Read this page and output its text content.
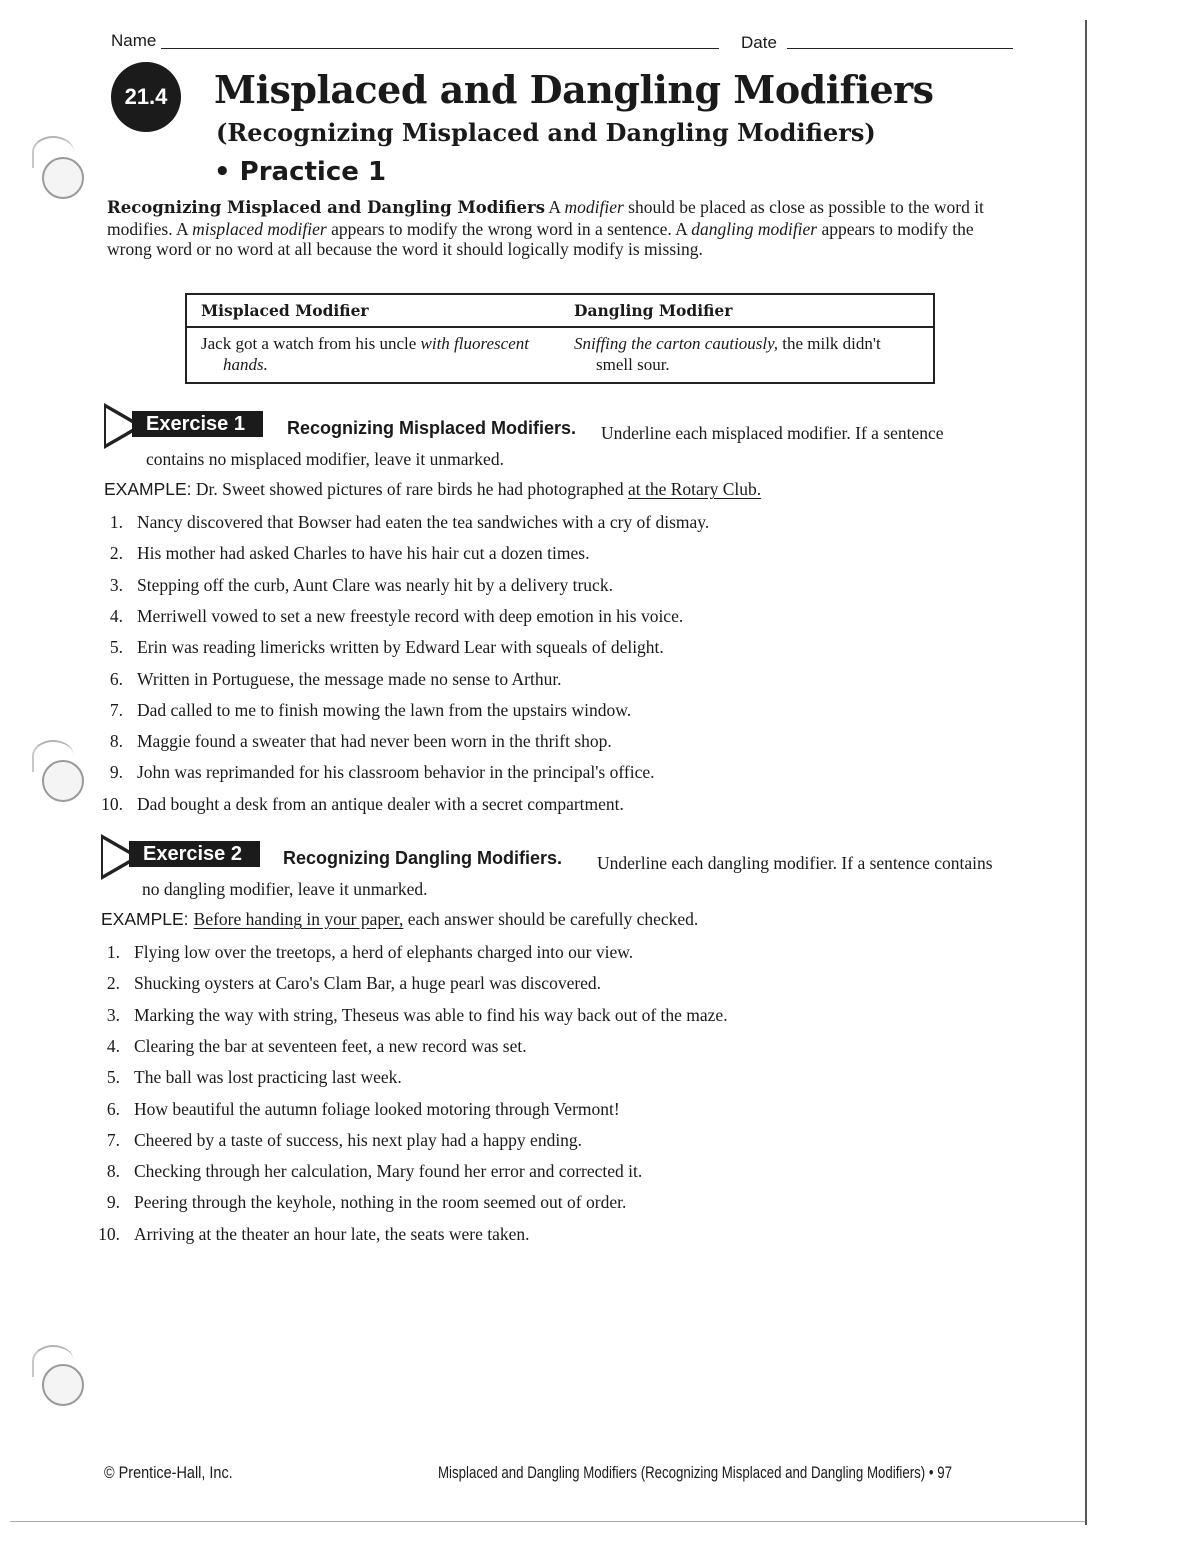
Name	Date
21.4	Misplaced and Dangling Modifiers
(Recognizing Misplaced and Dangling Modifiers)
• Practice 1
Recognizing Misplaced and Dangling Modifiers A modifier should be placed as close as possible to the word it modifies. A misplaced modifier appears to modify the wrong word in a sentence. A dangling modifier appears to modify the wrong word or no word at all because the word it should logically modify is missing.
Misplaced Modifier	Dangling Modifier

Jack got a watch from his uncle with fluorescent hands.	Sniffing the carton cautiously, the milk didn't smell sour.
Exercise 1	Recognizing Misplaced Modifiers.	Underline each misplaced modifier. If a sentence contains no misplaced modifier, leave it unmarked.
EXAMPLE: Dr. Sweet showed pictures of rare birds he had photographed at the Rotary Club.
1. Nancy discovered that Bowser had eaten the tea sandwiches with a cry of dismay.
2. His mother had asked Charles to have his hair cut a dozen times.
3. Stepping off the curb, Aunt Clare was nearly hit by a delivery truck.
4. Merriwell vowed to set a new freestyle record with deep emotion in his voice.
5. Erin was reading limericks written by Edward Lear with squeals of delight.
6. Written in Portuguese, the message made no sense to Arthur.
7. Dad called to me to finish mowing the lawn from the upstairs window.
8. Maggie found a sweater that had never been worn in the thrift shop.
9. John was reprimanded for his classroom behavior in the principal's office.
10. Dad bought a desk from an antique dealer with a secret compartment.
Exercise 2	Recognizing Dangling Modifiers.	Underline each dangling modifier. If a sentence contains no dangling modifier, leave it unmarked.
EXAMPLE: Before handing in your paper, each answer should be carefully checked.
1. Flying low over the treetops, a herd of elephants charged into our view.
2. Shucking oysters at Caro's Clam Bar, a huge pearl was discovered.
3. Marking the way with string, Theseus was able to find his way back out of the maze.
4. Clearing the bar at seventeen feet, a new record was set.
5. The ball was lost practicing last week.
6. How beautiful the autumn foliage looked motoring through Vermont!
7. Cheered by a taste of success, his next play had a happy ending.
8. Checking through her calculation, Mary found her error and corrected it.
9. Peering through the keyhole, nothing in the room seemed out of order.
10. Arriving at the theater an hour late, the seats were taken.
© Prentice-Hall, Inc.	Misplaced and Dangling Modifiers (Recognizing Misplaced and Dangling Modifiers) • 97
